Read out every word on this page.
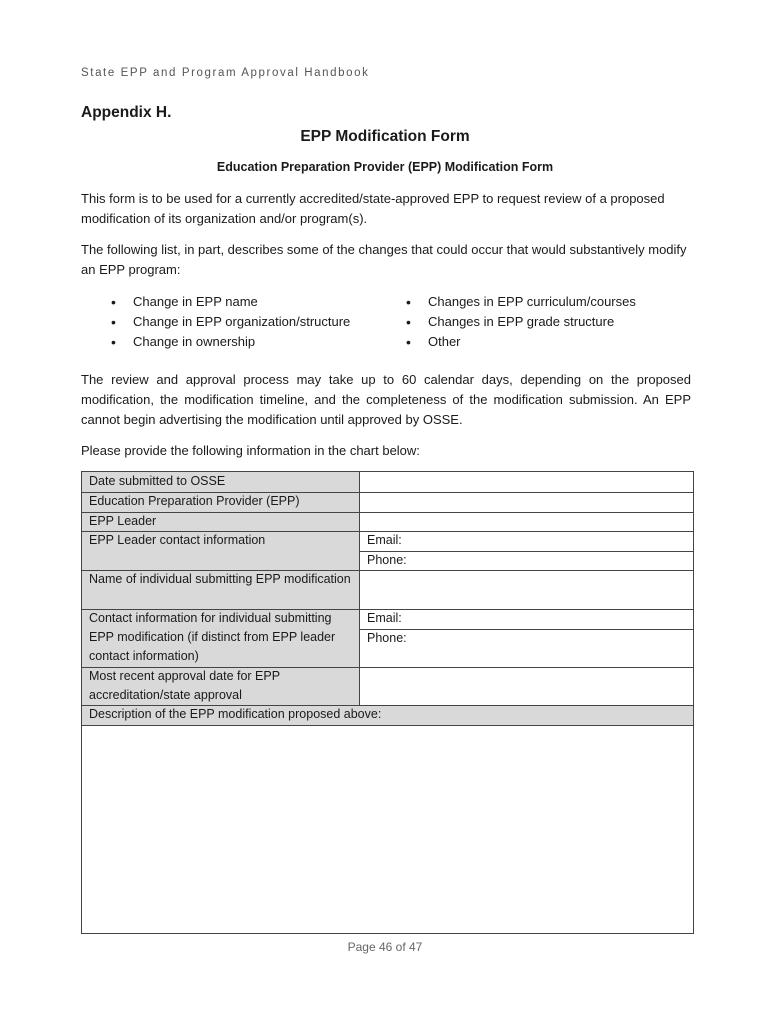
State EPP and Program Approval Handbook
Appendix H.
EPP Modification Form
Education Preparation Provider (EPP) Modification Form
This form is to be used for a currently accredited/state-approved EPP to request review of a proposed modification of its organization and/or program(s).
The following list, in part, describes some of the changes that could occur that would substantively modify an EPP program:
• Change in EPP name
• Change in EPP organization/structure
• Change in ownership
• Changes in EPP curriculum/courses
• Changes in EPP grade structure
• Other
The review and approval process may take up to 60 calendar days, depending on the proposed modification, the modification timeline, and the completeness of the modification submission. An EPP cannot begin advertising the modification until approved by OSSE.
Please provide the following information in the chart below:
Date submitted to OSSE
Education Preparation Provider (EPP)
EPP Leader
EPP Leader contact information
Name of individual submitting EPP modification
Contact information for individual submitting EPP modification (if distinct from EPP leader contact information)
Most recent approval date for EPP accreditation/state approval
Description of the EPP modification proposed above:
Email:
Phone:
Email:
Phone:
Page 46 of 47
